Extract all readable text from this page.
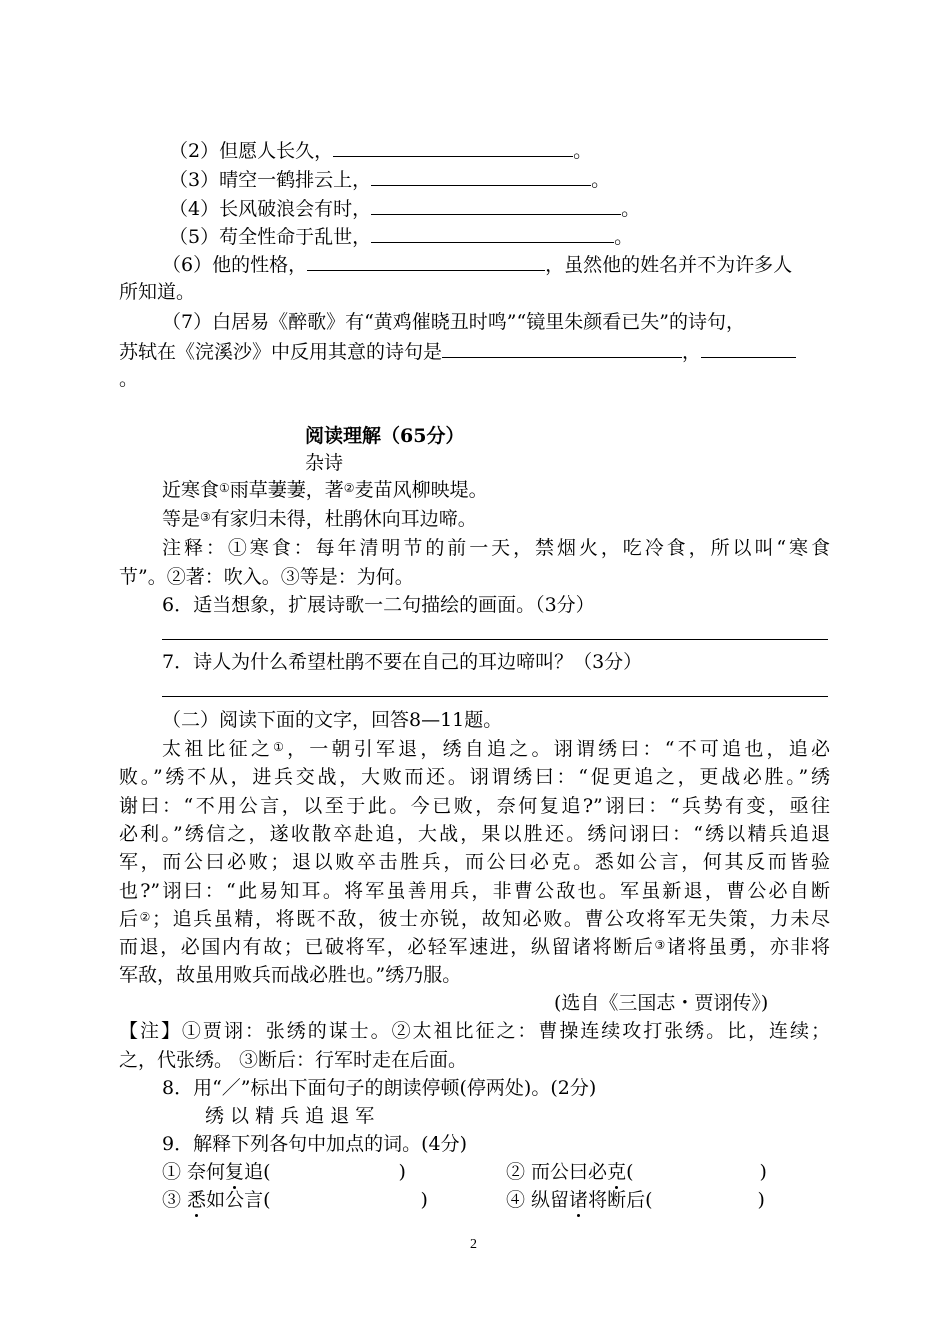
（2）但愿人长久，	。
（3）晴空一鹤排云上，	。
（4）长风破浪会有时，	。
（5）苟全性命于乱世，	。
（6）他的性格，	，虽然他的姓名并不为许多人
所知道。
（7）白居易《醉歌》有“黄鸡催晓丑时鸣”“镜里朱颜看已失”的诗句，
苏轼在《浣溪沙》中反用其意的诗句是	，
。
阅读理解（65分）
杂诗
近寒食①雨草萋萋，著②麦苗风柳映堤。
等是③有家归未得，杜鹃休向耳边啼。
注释：①寒食：每年清明节的前一天，禁烟火，吃冷食，所以叫“寒食
节”。②著：吹入。③等是：为何。
6．适当想象，扩展诗歌一二句描绘的画面。（3分）
7．诗人为什么希望杜鹃不要在自己的耳边啼叫？（3分）
（二）阅读下面的文字，回答8—11题。
太祖比征之①，一朝引军退，绣自追之。诩谓绣曰：“不可追也，追必
败。”绣不从，进兵交战，大败而还。诩谓绣曰：“促更追之，更战必胜。”绣
谢曰：“不用公言，以至于此。今已败，奈何复追?”诩曰：“兵势有变，亟往
必利。”绣信之，遂收散卒赴追，大战，果以胜还。绣问诩曰：“绣以精兵追退
军，而公曰必败；退以败卒击胜兵，而公曰必克。悉如公言，何其反而皆验
也?”诩曰：“此易知耳。将军虽善用兵，非曹公敌也。军虽新退，曹公必自断
后②；追兵虽精，将既不敌，彼士亦锐，故知必败。曹公攻将军无失策，力未尽
而退，必国内有故；已破将军，必轻军速进，纵留诸将断后③诸将虽勇，亦非将
军敌，故虽用败兵而战必胜也。”绣乃服。
(选自《三国志・贾诩传》)
【注】①贾诩：张绣的谋士。②太祖比征之：曹操连续攻打张绣。比，连续；
之，代张绣。 ③断后：行军时走在后面。
8．用“／”标出下面句子的朗读停顿(停两处)。(2分)
绣 以 精 兵 追 退 军
9．解释下列各句中加点的词。(4分)
① 奈何复追(	)	② 而公曰必克(	)
③ 悉如公言(	)	④ 纵留诸将断后(	)
2
